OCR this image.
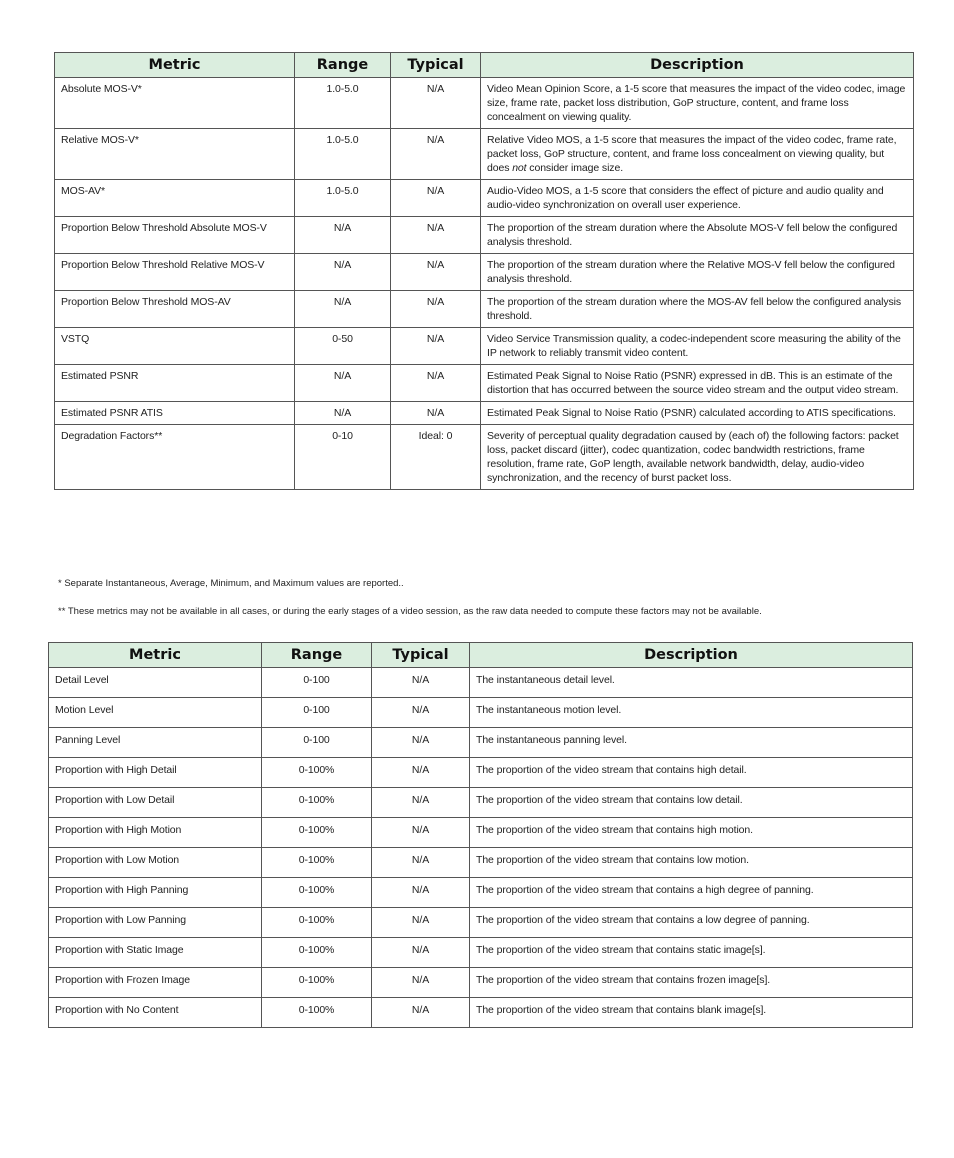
Metric	Range	Typical	Description
Absolute MOS-V*	1.0-5.0	N/A	Video Mean Opinion Score, a 1-5 score that measures the impact of the video codec, image size, frame rate, packet loss distribution, GoP structure, content, and frame loss concealment on viewing quality.
Relative MOS-V*	1.0-5.0	N/A	Relative Video MOS, a 1-5 score that measures the impact of the video codec, frame rate, packet loss, GoP structure, content, and frame loss concealment on viewing quality, but does not consider image size.
MOS-AV*	1.0-5.0	N/A	Audio-Video MOS, a 1-5 score that considers the effect of picture and audio quality and audio-video synchronization on overall user experience.
Proportion Below Threshold Absolute MOS-V	N/A	N/A	The proportion of the stream duration where the Absolute MOS-V fell below the configured analysis threshold.
Proportion Below Threshold Relative MOS-V	N/A	N/A	The proportion of the stream duration where the Relative MOS-V fell below the configured analysis threshold.
Proportion Below Threshold MOS-AV	N/A	N/A	The proportion of the stream duration where the MOS-AV fell below the configured analysis threshold.
VSTQ	0-50	N/A	Video Service Transmission quality, a codec-independent score measuring the ability of the IP network to reliably transmit video content.
Estimated PSNR	N/A	N/A	Estimated Peak Signal to Noise Ratio (PSNR) expressed in dB. This is an estimate of the distortion that has occurred between the source video stream and the output video stream.
Estimated PSNR ATIS	N/A	N/A	Estimated Peak Signal to Noise Ratio (PSNR) calculated according to ATIS specifications.
Degradation Factors**	0-10	Ideal: 0	Severity of perceptual quality degradation caused by (each of) the following factors: packet loss, packet discard (jitter), codec quantization, codec bandwidth restrictions, frame resolution, frame rate, GoP length, available network bandwidth, delay, audio-video synchronization, and the recency of burst packet loss.
* Separate Instantaneous, Average, Minimum, and Maximum values are reported..
** These metrics may not be available in all cases, or during the early stages of a video session, as the raw data needed to compute these factors may not be available.
Metric	Range	Typical	Description
Detail Level	0-100	N/A	The instantaneous detail level.
Motion Level	0-100	N/A	The instantaneous motion level.
Panning Level	0-100	N/A	The instantaneous panning level.
Proportion with High Detail	0-100%	N/A	The proportion of the video stream that contains high detail.
Proportion with Low Detail	0-100%	N/A	The proportion of the video stream that contains low detail.
Proportion with High Motion	0-100%	N/A	The proportion of the video stream that contains high motion.
Proportion with Low Motion	0-100%	N/A	The proportion of the video stream that contains low motion.
Proportion with High Panning	0-100%	N/A	The proportion of the video stream that contains a high degree of panning.
Proportion with Low Panning	0-100%	N/A	The proportion of the video stream that contains a low degree of panning.
Proportion with Static Image	0-100%	N/A	The proportion of the video stream that contains static image[s].
Proportion with Frozen Image	0-100%	N/A	The proportion of the video stream that contains frozen image[s].
Proportion with No Content	0-100%	N/A	The proportion of the video stream that contains blank image[s].
